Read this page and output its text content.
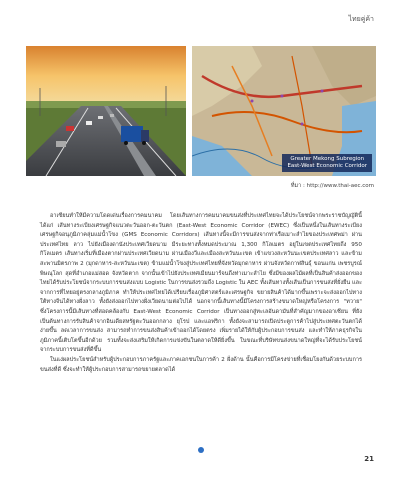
ไทยคู่ค้า
Greater Mekong Subregion
East-West Economic Corridor
ที่มา : http://www.thai-aec.com

อาเซียนทำให้มีความโดดเด่นเรื่องการคมนาคม โดยเส้นทางการคมนาคมขนส่งที่ประเทศไทยจะได้ประโยชน์จากพระราชบัญญัตินี้ ได้แก่ เส้นทางระเบียงเศรษฐกิจแนวตะวันออก-ตะวันตก (East-West Economic Corridor (EWEC) ซึ่งเป็นหนึ่งในเส้นทางระเบียงเศรษฐกิจอนุภูมิภาคลุ่มแม่น้ำโขง (GMS Economic Corridors) เส้นทางนี้จะมีการขนส่งจากท่าเรือเมาะลำไยของประเทศพม่า ผ่านประเทศไทย ลาว ไปยังเมืองดานังประเทศเวียดนาม มีระยะทางทั้งหมดประมาณ 1,300 กิโลเมตร อยู่ในเขตประเทศไทยถึง 950 กิโลเมตร เส้นทางเริ่มที่เมืองตากผ่านประเทศเวียดนาม ผ่านเมืองวีและเมืองสะหวันนะเขต เข้าแขวงสะหวันนะเขตประเทศลาว และข้ามสะพานมิตรภาพ 2 (มุกดาหาร-สะหวันนะเขต) ข้ามแม่น้ำโขงสู่ประเทศไทยที่จังหวัดมุกดาหาร ผ่านจังหวัดกาฬสินธุ์ ขอนแก่น เพชรบูรณ์ พิษณุโลก สุดที่อำเภอแม่สอด จังหวัดตาก จากนั้นเข้าไปยังประเทศเมียนมาร์จนถึงท่าเมาะลำไย ซึ่งมีของผลไม้ผลที่เป็นสินค้าส่งออกของไทยได้รับประโยชน์จากระบบการขนส่งแบบ Logistic ในการขนส่งรวมถึง Logistic ใน AEC ทั้งเส้นทางทั้งเส้นเป็นการขนส่งที่ยั่งยืน และจากการที่ไทยอยู่ตรงกลางภูมิภาค ทำให้ประเทศไทยได้เปรียบเรื่องภูมิศาสตร์และเศรษฐกิจ ขยายสินค้าได้มากขึ้นเพราะจะส่งออกไปทางใต้ทางจีนได้ทางฝั่งลาว ทั้งยังส่งออกไปทางฝั่งเวียดนามต่อไปได้ นอกจากนี้เส้นทางนี้มีโครงการสร้างขนาดใหญ่หรือโครงการ "ทวาย" ซึ่งโครงการนี้มีเส้นทางที่สอดคล้องกับ East-West Economic Corridor เป็นทางออกสู่ทะเลอันดามันที่สำคัญมากของอาเซียน ที่ยังเป็นต้นทางการรับสินค้าจากอินเดียสหรัฐตะวันออกกลาง ยุโรป และแอฟริกา ทั้งยังจะสามารถเปิดประตูการค้าไปสู่ประเทศตะวันตกได้ง่ายขึ้น ลดเวลาการขนส่ง สามารถทำการขนส่งสินค้าเข้าออกได้โดยตรง เพิ่มรายได้ให้กับผู้ประกอบการขนส่ง และทำให้ภาคธุรกิจในภูมิภาคนี้เติบโตขึ้นอีกด้วย รวมทั้งจะส่งเสริมให้เกิดการแข่งขันในตลาดให้ดียิ่งขึ้น ในขณะที่บริษัทขนส่งขนาดใหญ่ที่จะได้รับประโยชน์จากระบบการขนส่งที่ดีขึ้น

ในแง่ผลประโยชน์สำหรับผู้ประกอบการภาครัฐและภาคเอกชนในการค้า 2 ฝั่งด้าน นั้นคือการมีโครงข่ายที่เชื่อมโยงกันด้วยระบบการขนส่งที่ดี ซึ่งจะทำให้ผู้ประกอบการสามารถขยายตลาดได้

21
